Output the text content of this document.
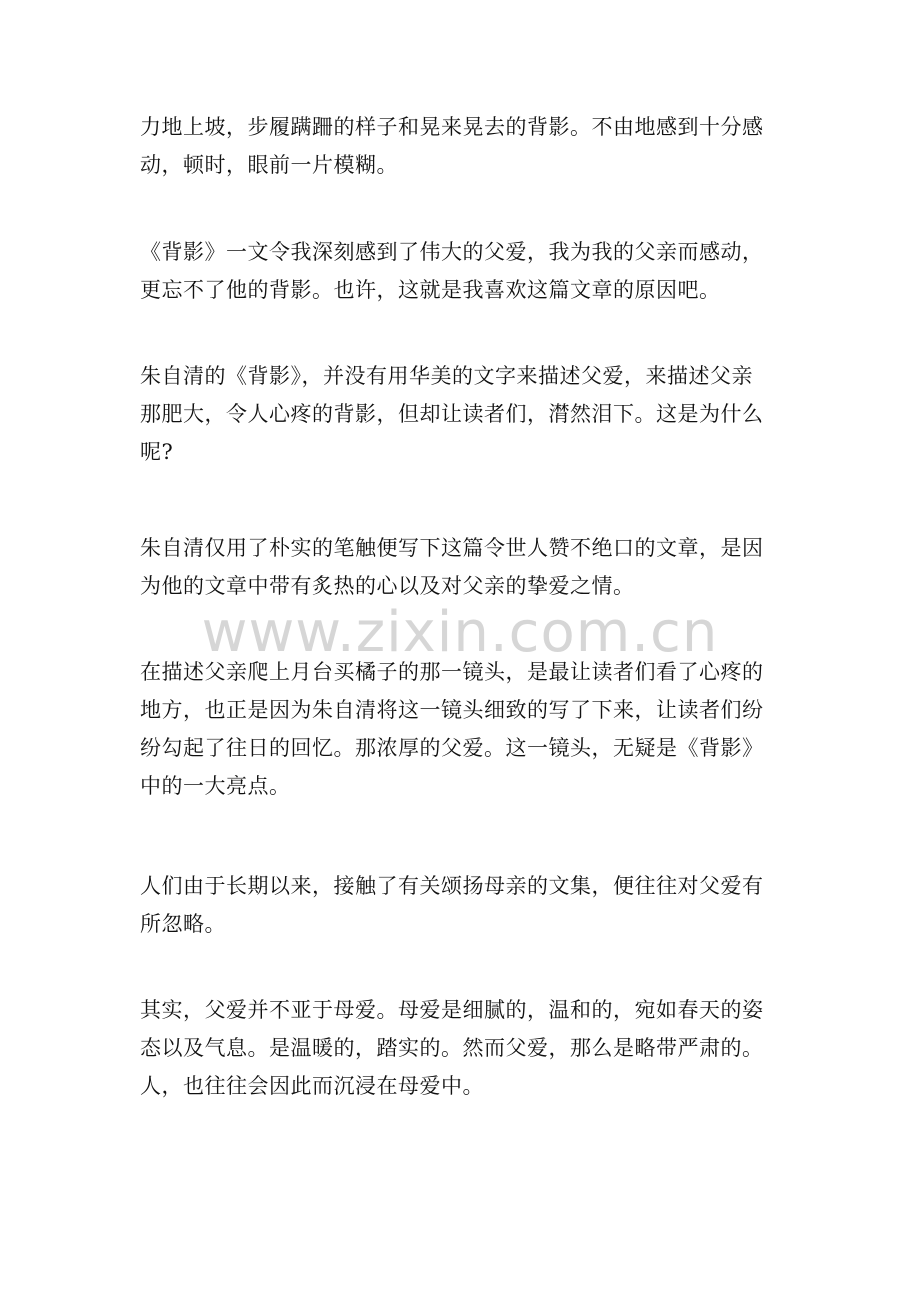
www.zixin.com.cn

力地上坡，步履蹒跚的样子和晃来晃去的背影。不由地感到十分感
动，顿时，眼前一片模糊。

《背影》一文令我深刻感到了伟大的父爱，我为我的父亲而感动，
更忘不了他的背影。也许，这就是我喜欢这篇文章的原因吧。

朱自清的《背影》，并没有用华美的文字来描述父爱，来描述父亲
那肥大，令人心疼的背影，但却让读者们，潸然泪下。这是为什么
呢?

朱自清仅用了朴实的笔触便写下这篇令世人赞不绝口的文章，是因
为他的文章中带有炙热的心以及对父亲的挚爱之情。

在描述父亲爬上月台买橘子的那一镜头，是最让读者们看了心疼的
地方，也正是因为朱自清将这一镜头细致的写了下来，让读者们纷
纷勾起了往日的回忆。那浓厚的父爱。这一镜头，无疑是《背影》
中的一大亮点。

人们由于长期以来，接触了有关颂扬母亲的文集，便往往对父爱有
所忽略。

其实，父爱并不亚于母爱。母爱是细腻的，温和的，宛如春天的姿
态以及气息。是温暖的，踏实的。然而父爱，那么是略带严肃的。
人，也往往会因此而沉浸在母爱中。
